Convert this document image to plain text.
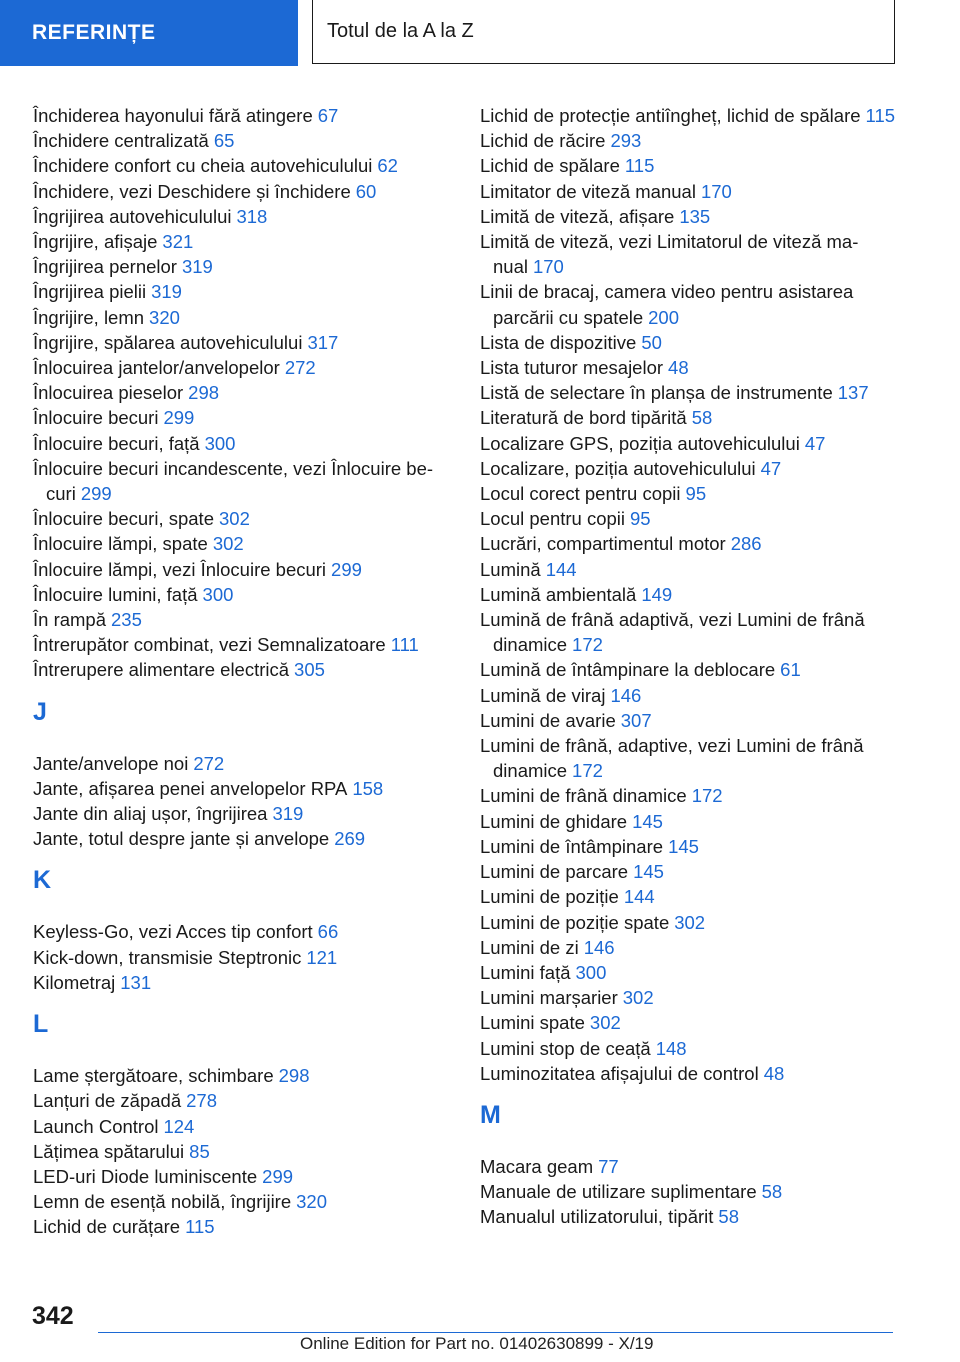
REFERINȚE	Totul de la A la Z
Închiderea hayonului fără atingere 67
Închidere centralizată 65
Închidere confort cu cheia autovehiculului 62
Închidere, vezi Deschidere și închidere 60
Îngrijirea autovehiculului 318
Îngrijire, afișaje 321
Îngrijirea pernelor 319
Îngrijirea pielii 319
Îngrijire, lemn 320
Îngrijire, spălarea autovehiculului 317
Înlocuirea jantelor/anvelopelor 272
Înlocuirea pieselor 298
Înlocuire becuri 299
Înlocuire becuri, față 300
Înlocuire becuri incandescente, vezi Înlocuire becuri 299
Înlocuire becuri, spate 302
Înlocuire lămpi, spate 302
Înlocuire lămpi, vezi Înlocuire becuri 299
Înlocuire lumini, față 300
În rampă 235
Întrerupător combinat, vezi Semnalizatoare 111
Întrerupere alimentare electrică 305
J
Jante/anvelope noi 272
Jante, afișarea penei anvelopelor RPA 158
Jante din aliaj ușor, îngrijirea 319
Jante, totul despre jante și anvelope 269
K
Keyless-Go, vezi Acces tip confort 66
Kick-down, transmisie Steptronic 121
Kilometraj 131
L
Lame ștergătoare, schimbare 298
Lanțuri de zăpadă 278
Launch Control 124
Lățimea spătarului 85
LED-uri Diode luminiscente 299
Lemn de esență nobilă, îngrijire 320
Lichid de curățare 115
Lichid de protecție antiîngheț, lichid de spălare 115
Lichid de răcire 293
Lichid de spălare 115
Limitator de viteză manual 170
Limită de viteză, afișare 135
Limită de viteză, vezi Limitatorul de viteză manual 170
Linii de bracaj, camera video pentru asistarea parcării cu spatele 200
Lista de dispozitive 50
Lista tuturor mesajelor 48
Listă de selectare în planșa de instrumente 137
Literatură de bord tipărită 58
Localizare GPS, poziția autovehiculului 47
Localizare, poziția autovehiculului 47
Locul corect pentru copii 95
Locul pentru copii 95
Lucrări, compartimentul motor 286
Lumină 144
Lumină ambientală 149
Lumină de frână adaptivă, vezi Lumini de frână dinamice 172
Lumină de întâmpinare la deblocare 61
Lumină de viraj 146
Lumini de avarie 307
Lumini de frână, adaptive, vezi Lumini de frână dinamice 172
Lumini de frână dinamice 172
Lumini de ghidare 145
Lumini de întâmpinare 145
Lumini de parcare 145
Lumini de poziție 144
Lumini de poziție spate 302
Lumini de zi 146
Lumini față 300
Lumini marșarier 302
Lumini spate 302
Lumini stop de ceață 148
Luminozitatea afișajului de control 48
M
Macara geam 77
Manuale de utilizare suplimentare 58
Manualul utilizatorului, tipărit 58
342
Online Edition for Part no. 01402630899 - X/19
